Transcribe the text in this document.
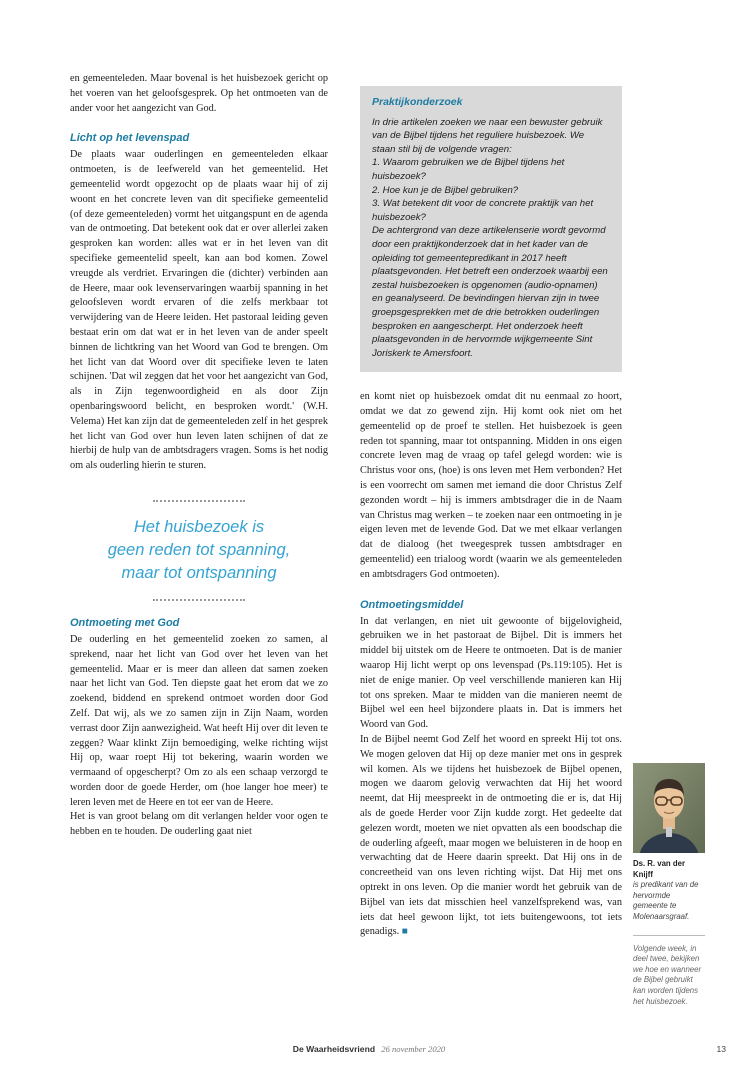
en gemeenteleden. Maar bovenal is het huisbezoek gericht op het voeren van het geloofsgesprek. Op het ontmoeten van de ander voor het aangezicht van God.

Licht op het levenspad

De plaats waar ouderlingen en gemeenteleden elkaar ontmoeten, is de leefwereld van het gemeentelid. Het gemeentelid wordt opgezocht op de plaats waar hij of zij woont en het concrete leven van dit specifieke gemeentelid (of deze gemeenteleden) vormt het uitgangspunt en de agenda van de ontmoeting. Dat betekent ook dat er over allerlei zaken gesproken kan worden: alles wat er in het leven van dit specifieke gemeentelid speelt, kan aan bod komen. Zowel vreugde als verdriet. Ervaringen die (dichter) verbinden aan de Heere, maar ook levenservaringen waarbij spanning in het geloofsleven wordt ervaren of die zelfs merkbaar tot verwijdering van de Heere leiden. Het pastoraal leiding geven bestaat erin om dat wat er in het leven van de ander speelt binnen de lichtkring van het Woord van God te brengen. Om het licht van dat Woord over dit specifieke leven te laten schijnen. 'Dat wil zeggen dat het voor het aangezicht van God, als in Zijn tegenwoordigheid en als door Zijn openbaringswoord belicht, en besproken wordt.' (W.H. Velema) Het kan zijn dat de gemeenteleden zelf in het gesprek het licht van God over hun leven laten schijnen of dat ze hierbij de hulp van de ambtsdragers vragen. Soms is het nodig om als ouderling hierin te sturen.

Het huisbezoek is

geen reden tot spanning,

maar tot ontspanning

Ontmoeting met God

De ouderling en het gemeentelid zoeken zo samen, al sprekend, naar het licht van God over het leven van het gemeentelid. Maar er is meer dan alleen dat samen zoeken naar het licht van God. Ten diepste gaat het erom dat we zo zoekend, biddend en sprekend ontmoet worden door God Zelf. Dat wij, als we zo samen zijn in Zijn Naam, worden verrast door Zijn aanwezigheid. Wat heeft Hij over dit leven te zeggen? Waar klinkt Zijn bemoediging, welke richting wijst Hij op, waar roept Hij tot bekering, waarin worden we vermaand of opgescherpt? Om zo als een schaap verzorgd te worden door de goede Herder, om (hoe langer hoe meer) te leren leven met de Heere en tot eer van de Heere.

Het is van groot belang om dit verlangen helder voor ogen te hebben en te houden. De ouderling gaat niet

Praktijkonderzoek

In drie artikelen zoeken we naar een bewuster gebruik van de Bijbel tijdens het reguliere huisbezoek. We staan stil bij de volgende vragen:

1. Waarom gebruiken we de Bijbel tijdens het huisbezoek?
2. Hoe kun je de Bijbel gebruiken?
3. Wat betekent dit voor de concrete praktijk van het huisbezoek?

De achtergrond van deze artikelenserie wordt gevormd door een praktijkonderzoek dat in het kader van de opleiding tot gemeentepredikant in 2017 heeft plaatsgevonden. Het betreft een onderzoek waarbij een zestal huisbezoeken is opgenomen (audio-opnamen) en geanalyseerd. De bevindingen hiervan zijn in twee groepsgesprekken met de drie betrokken ouderlingen besproken en aangescherpt. Het onderzoek heeft plaatsgevonden in de hervormde wijkgemeente Sint Joriskerk te Amersfoort.

en komt niet op huisbezoek omdat dit nu eenmaal zo hoort, omdat we dat zo gewend zijn. Hij komt ook niet om het gemeentelid op de proef te stellen. Het huisbezoek is geen reden tot spanning, maar tot ontspanning. Midden in ons eigen concrete leven mag de vraag op tafel gelegd worden: wie is Christus voor ons, (hoe) is ons leven met Hem verbonden? Het is een voorrecht om samen met iemand die door Christus Zelf gezonden wordt – hij is immers ambtsdrager die in de Naam van Christus mag werken – te zoeken naar een ontmoeting in je eigen leven met de levende God. Dat we met elkaar verlangen dat de dialoog (het tweegesprek tussen ambtsdrager en gemeentelid) een trialoog wordt (waarin we als gemeenteleden en ambtsdragers God ontmoeten).

Ontmoetingsmiddel

In dat verlangen, en niet uit gewoonte of bijgelovigheid, gebruiken we in het pastoraat de Bijbel. Dit is immers het middel bij uitstek om de Heere te ontmoeten. Dat is de manier waarop Hij licht werpt op ons levenspad (Ps.119:105). Het is niet de enige manier. Op veel verschillende manieren kan Hij tot ons spreken. Maar te midden van die manieren neemt de Bijbel wel een heel bijzondere plaats in. Dat is immers het Woord van God.

In de Bijbel neemt God Zelf het woord en spreekt Hij tot ons. We mogen geloven dat Hij op deze manier met ons in gesprek wil komen. Als we tijdens het huisbezoek de Bijbel openen, mogen we daarom gelovig verwachten dat Hij het woord neemt, dat Hij meespreekt in de ontmoeting die er is, dat Hij als de goede Herder voor Zijn kudde zorgt. Het gedeelte dat gelezen wordt, moeten we niet opvatten als een boodschap die de ouderling afgeeft, maar mogen we beluisteren in de hoop en verwachting dat de Heere daarin spreekt. Dat Hij ons in de concreetheid van ons leven richting wijst. Dat Hij met ons optrekt in ons leven. Op die manier wordt het gebruik van de Bijbel van iets dat misschien heel vanzelfsprekend was, van iets dat heel gewoon lijkt, tot iets buitengewoons, tot iets genadigs. ■

Ds. R. van der Knijff
is predikant van de hervormde gemeente te Molenaarsgraaf.
Volgende week, in deel twee, bekijken we hoe en wanneer de Bijbel gebruikt kan worden tijdens het huisbezoek.
De Waarheidsvriend 26 november 2020	13
